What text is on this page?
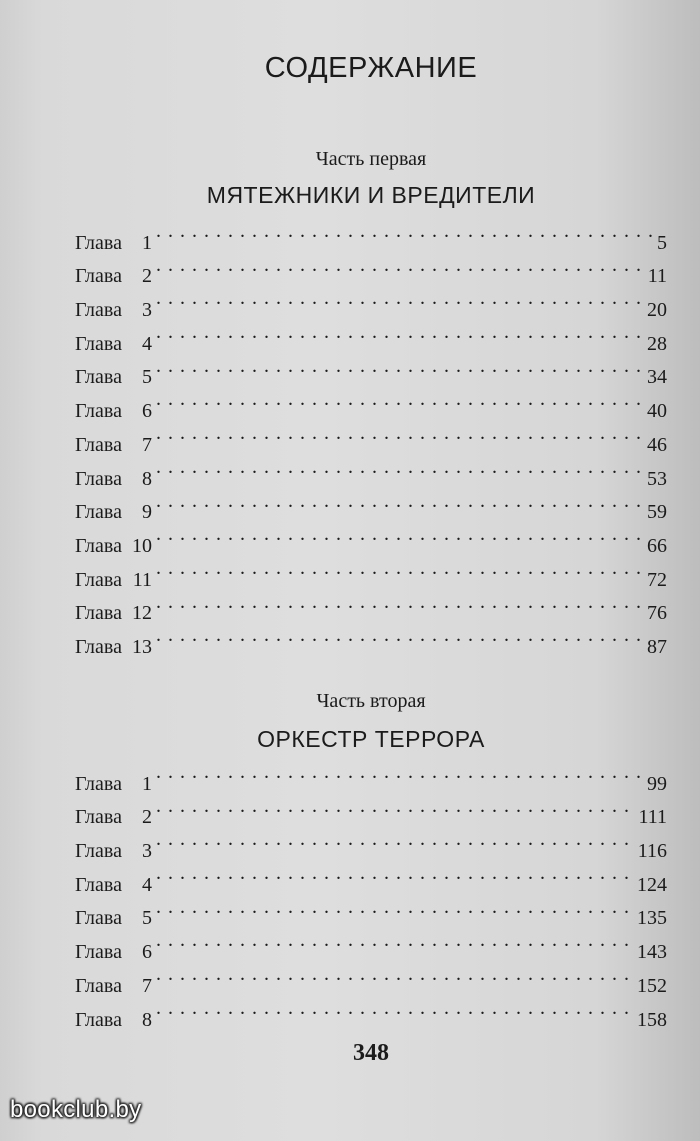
СОДЕРЖАНИЕ
Часть первая
МЯТЕЖНИКИ И ВРЕДИТЕЛИ
Глава	1 . . .	5
Глава	2 . . .	11
Глава	3 . . .	20
Глава	4 . . .	28
Глава	5 . . .	34
Глава	6 . . .	40
Глава	7 . . .	46
Глава	8 . . .	53
Глава	9 . . .	59
Глава 10 . . .	66
Глава 11 . . .	72
Глава 12 . . .	76
Глава 13 . . .	87
Часть вторая
ОРКЕСТР ТЕРРОРА
Глава	1 . . .	99
Глава	2 . . .	111
Глава	3 . . .	116
Глава	4 . . .	124
Глава	5 . . .	135
Глава	6 . . .	143
Глава	7 . . .	152
Глава	8 . . .	158
348
bookclub.by
